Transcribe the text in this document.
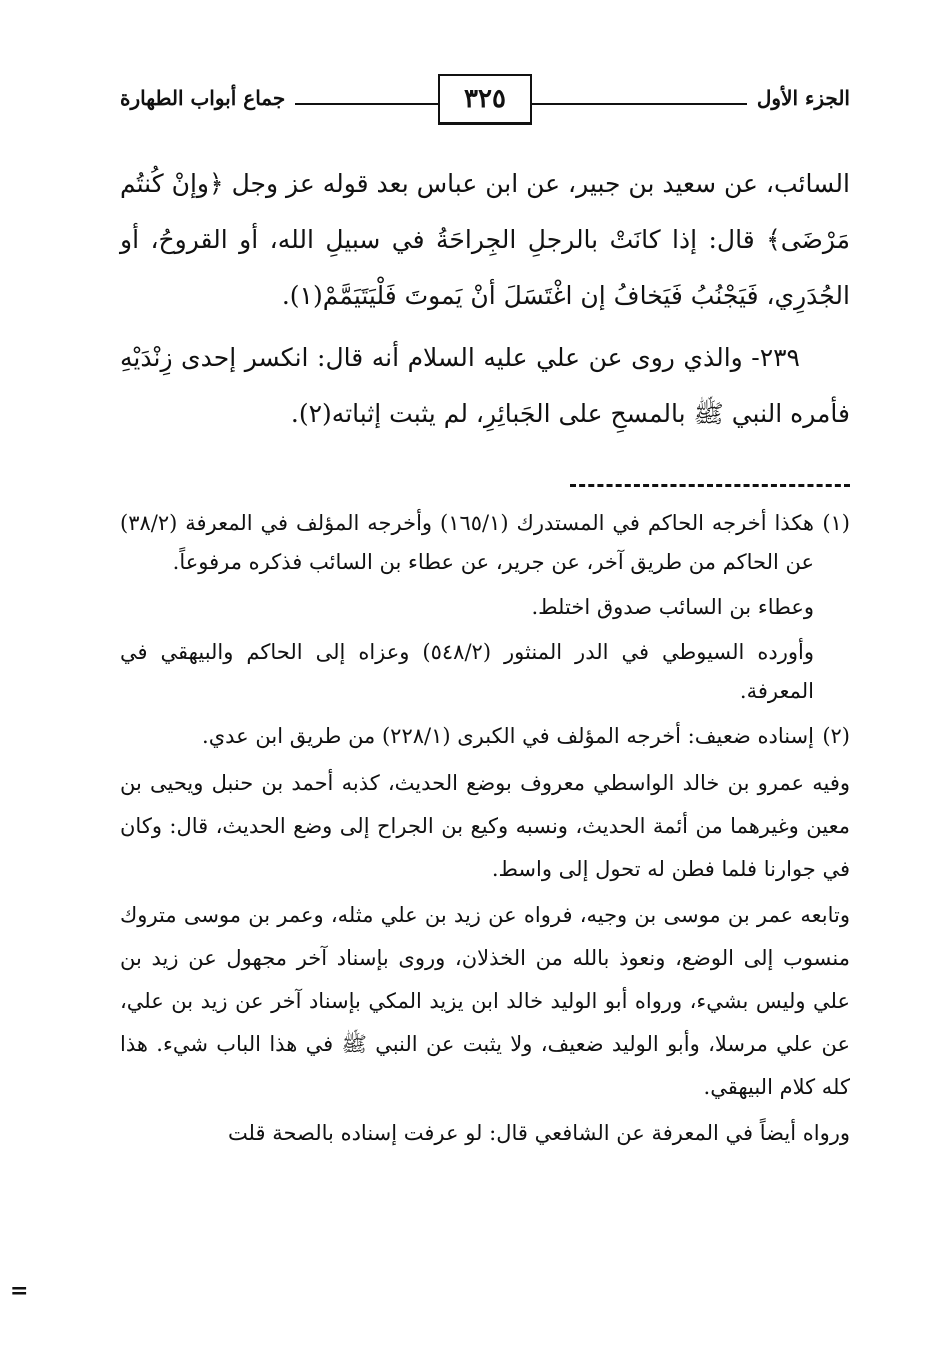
الجزء الأول
٣٢٥
جماع أبواب الطهارة

السائب، عن سعيد بن جبير، عن ابن عباس بعد قوله عز وجل ﴿وإنْ كُنتُم مَرْضَى﴾ قال: إذا كانَتْ بالرجلِ الجِراحَةُ في سبيلِ الله، أو القروحُ، أو الجُدَرِي، فَيَجْنُبُ فَيَخافُ إن اغْتَسَلَ أنْ يَموتَ فَلْيَتَيَمَّمْ(١).

٢٣٩- والذي روى عن علي عليه السلام أنه قال: انكسر إحدى زِنْدَيْهِ فأمره النبي ﷺ بالمسحِ على الجَبائِرِ، لم يثبت إثباته(٢).

(١)

هكذا أخرجه الحاكم في المستدرك (١٦٥/١) وأخرجه المؤلف في المعرفة (٣٨/٢) عن الحاكم من طريق آخر، عن جرير، عن عطاء بن السائب فذكره مرفوعاً.

وعطاء بن السائب صدوق اختلط.

وأورده السيوطي في الدر المنثور (٥٤٨/٢) وعزاه إلى الحاكم والبيهقي في المعرفة.

(٢)

إسناده ضعيف: أخرجه المؤلف في الكبرى (٢٢٨/١) من طريق ابن عدي.

وفيه عمرو بن خالد الواسطي معروف بوضع الحديث، كذبه أحمد بن حنبل ويحيى بن معين وغيرهما من أئمة الحديث، ونسبه وكيع بن الجراح إلى وضع الحديث، قال: وكان في جوارنا فلما فطن له تحول إلى واسط.

وتابعه عمر بن موسى بن وجيه، فرواه عن زيد بن علي مثله، وعمر بن موسى متروك منسوب إلى الوضع، ونعوذ بالله من الخذلان، وروى بإسناد آخر مجهول عن زيد بن علي وليس بشيء، ورواه أبو الوليد خالد ابن يزيد المكي بإسناد آخر عن زيد بن علي، عن علي مرسلا، وأبو الوليد ضعيف، ولا يثبت عن النبي ﷺ في هذا الباب شيء. هذا كله كلام البيهقي.

ورواه أيضاً في المعرفة عن الشافعي قال: لو عرفت إسناده بالصحة قلت

=
